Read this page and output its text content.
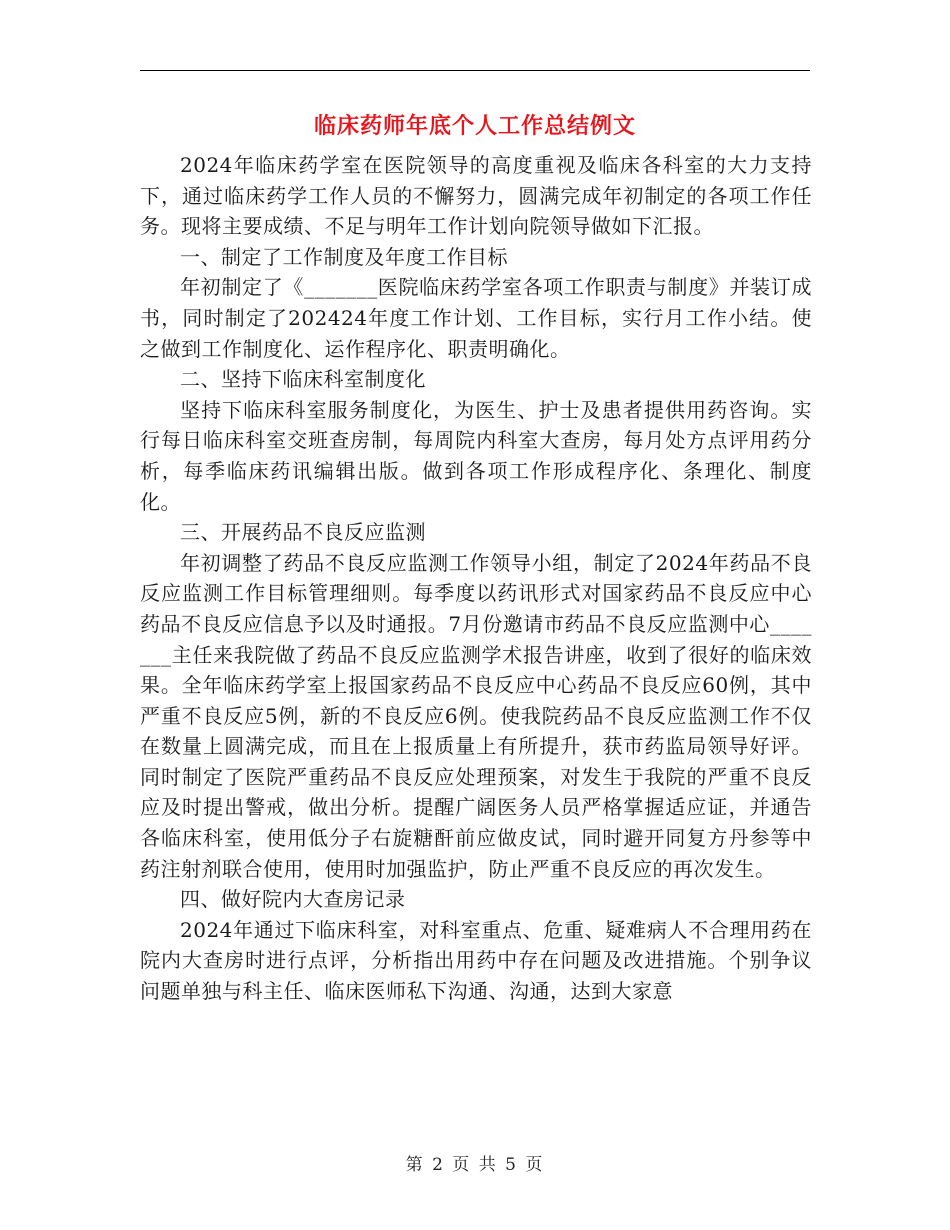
临床药师年底个人工作总结例文

2024年临床药学室在医院领导的高度重视及临床各科室的大力支持下，通过临床药学工作人员的不懈努力，圆满完成年初制定的各项工作任务。现将主要成绩、不足与明年工作计划向院领导做如下汇报。

一、制定了工作制度及年度工作目标

年初制定了《_______医院临床药学室各项工作职责与制度》并装订成书，同时制定了202424年度工作计划、工作目标，实行月工作小结。使之做到工作制度化、运作程序化、职责明确化。

二、坚持下临床科室制度化

坚持下临床科室服务制度化，为医生、护士及患者提供用药咨询。实行每日临床科室交班查房制，每周院内科室大查房，每月处方点评用药分析，每季临床药讯编辑出版。做到各项工作形成程序化、条理化、制度化。

三、开展药品不良反应监测

年初调整了药品不良反应监测工作领导小组，制定了2024年药品不良反应监测工作目标管理细则。每季度以药讯形式对国家药品不良反应中心药品不良反应信息予以及时通报。7月份邀请市药品不良反应监测中心_______主任来我院做了药品不良反应监测学术报告讲座，收到了很好的临床效果。全年临床药学室上报国家药品不良反应中心药品不良反应60例，其中严重不良反应5例，新的不良反应6例。使我院药品不良反应监测工作不仅在数量上圆满完成，而且在上报质量上有所提升，获市药监局领导好评。同时制定了医院严重药品不良反应处理预案，对发生于我院的严重不良反应及时提出警戒，做出分析。提醒广阔医务人员严格掌握适应证，并通告各临床科室，使用低分子右旋糖酐前应做皮试，同时避开同复方丹参等中药注射剂联合使用，使用时加强监护，防止严重不良反应的再次发生。

四、做好院内大查房记录

2024年通过下临床科室，对科室重点、危重、疑难病人不合理用药在院内大查房时进行点评，分析指出用药中存在问题及改进措施。个别争议问题单独与科主任、临床医师私下沟通、沟通，达到大家意

第 2 页 共 5 页
